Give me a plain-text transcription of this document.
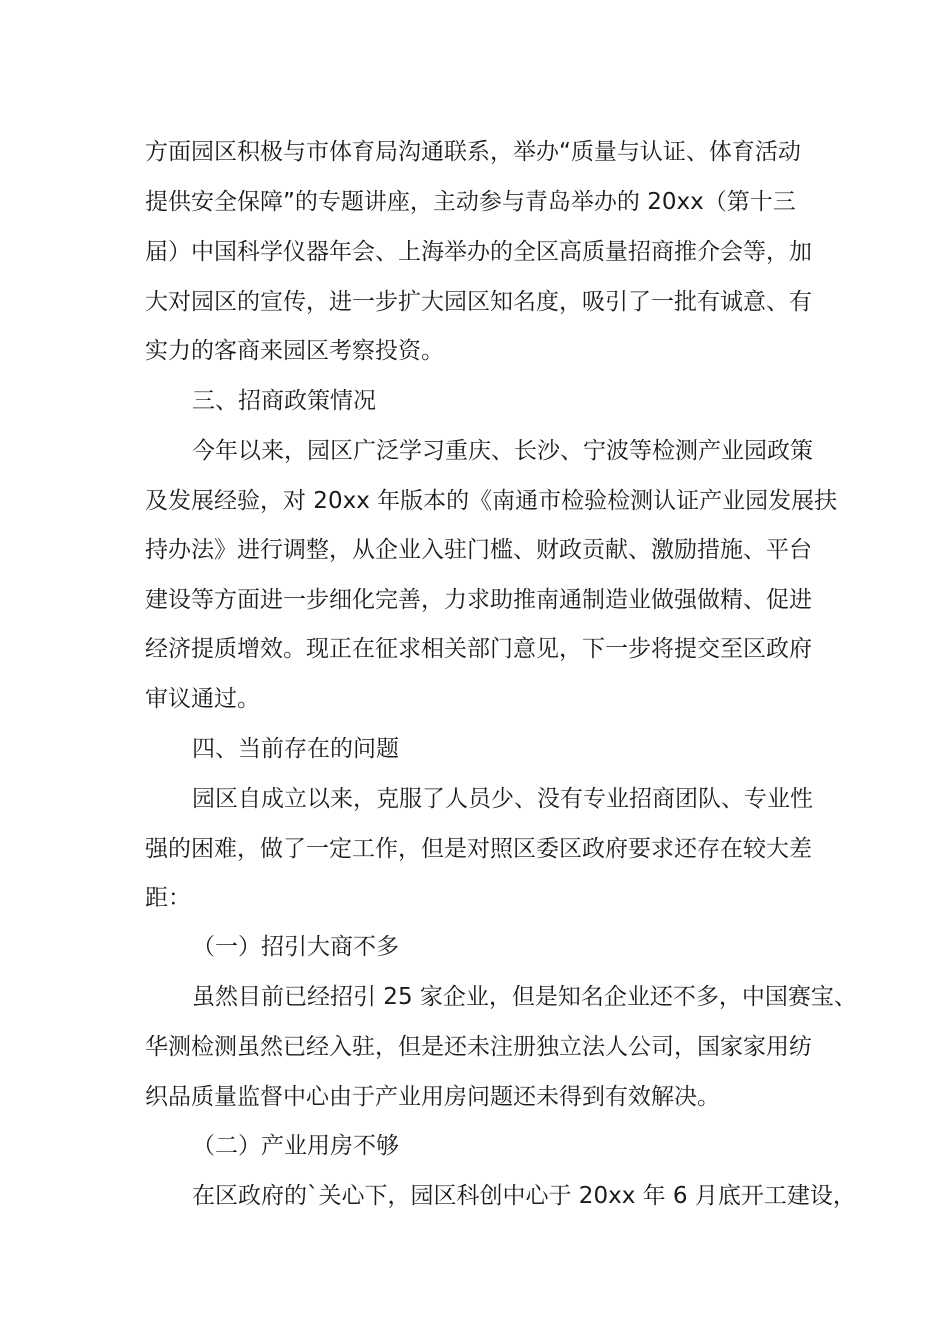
方面园区积极与市体育局沟通联系，举办“质量与认证、体育活动
提供安全保障”的专题讲座，主动参与青岛举办的 20xx（第十三
届）中国科学仪器年会、上海举办的全区高质量招商推介会等，加
大对园区的宣传，进一步扩大园区知名度，吸引了一批有诚意、有
实力的客商来园区考察投资。
三、招商政策情况
今年以来，园区广泛学习重庆、长沙、宁波等检测产业园政策
及发展经验，对 20xx 年版本的《南通市检验检测认证产业园发展扶
持办法》进行调整，从企业入驻门槛、财政贡献、激励措施、平台
建设等方面进一步细化完善，力求助推南通制造业做强做精、促进
经济提质增效。现正在征求相关部门意见，下一步将提交至区政府
审议通过。
四、当前存在的问题
园区自成立以来，克服了人员少、没有专业招商团队、专业性
强的困难，做了一定工作，但是对照区委区政府要求还存在较大差
距：
（一）招引大商不多
虽然目前已经招引 25 家企业，但是知名企业还不多，中国赛宝、
华测检测虽然已经入驻，但是还未注册独立法人公司，国家家用纺
织品质量监督中心由于产业用房问题还未得到有效解决。
（二）产业用房不够
在区政府的`关心下，园区科创中心于 20xx 年 6 月底开工建设，
